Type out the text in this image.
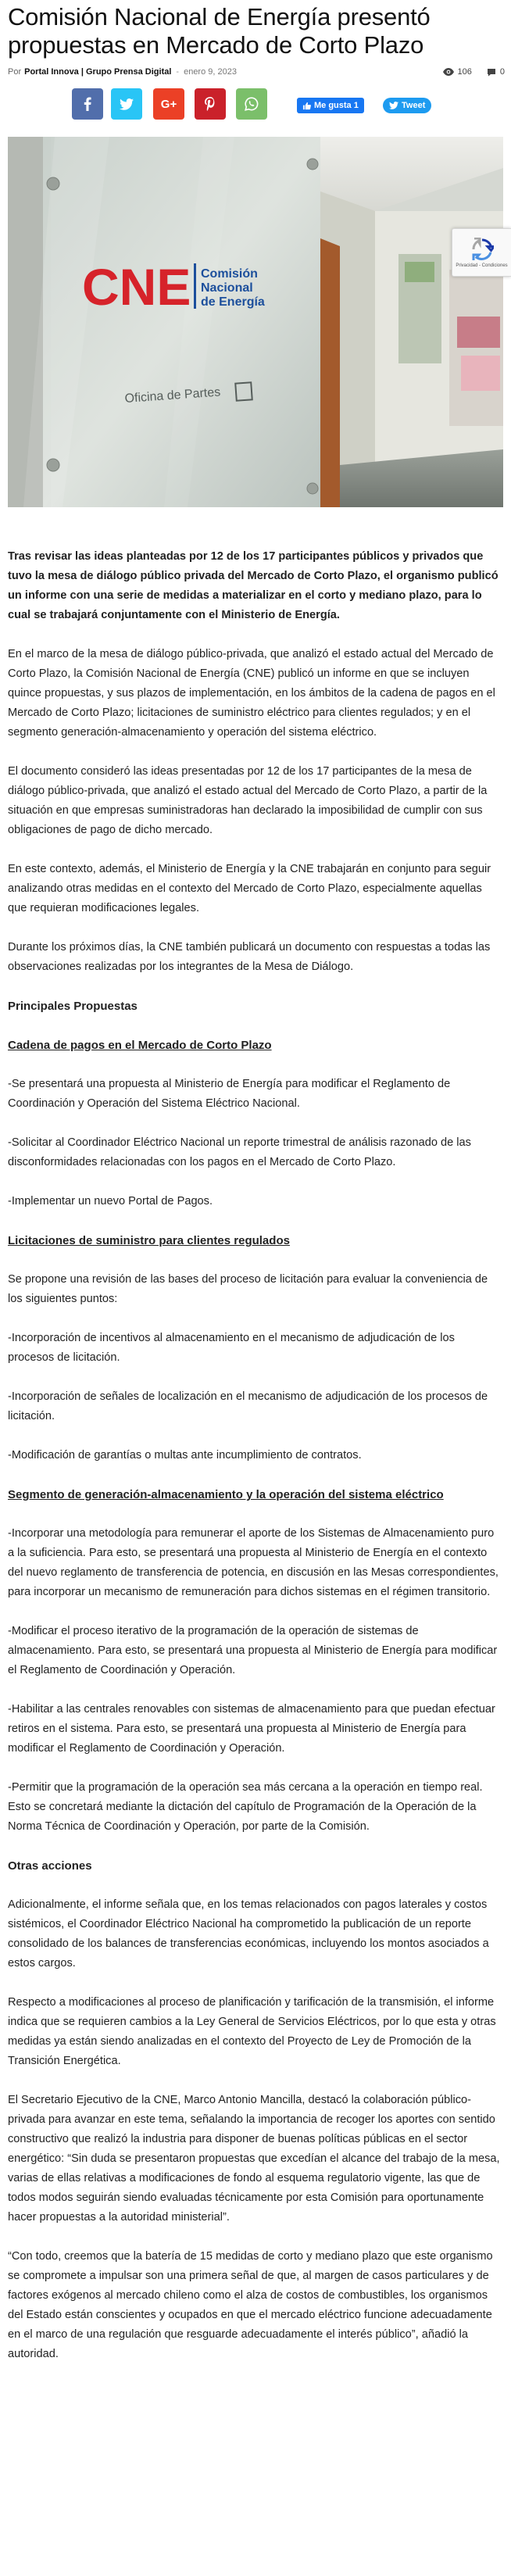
Comisión Nacional de Energía presentó propuestas en Mercado de Corto Plazo
Por Portal Innova | Grupo Prensa Digital - enero 9, 2023	106	0
G+	Me gusta 1	Tweet
CNE Comisión
Nacional
de Energía
Oficina de Partes
Privacidad - Condiciones

Tras revisar las ideas planteadas por 12 de los 17 participantes públicos y privados que tuvo la mesa de diálogo público privada del Mercado de Corto Plazo, el organismo publicó un informe con una serie de medidas a materializar en el corto y mediano plazo, para lo cual se trabajará conjuntamente con el Ministerio de Energía.

En el marco de la mesa de diálogo público-privada, que analizó el estado actual del Mercado de Corto Plazo, la Comisión Nacional de Energía (CNE) publicó un informe en que se incluyen quince propuestas, y sus plazos de implementación, en los ámbitos de la cadena de pagos en el Mercado de Corto Plazo; licitaciones de suministro eléctrico para clientes regulados; y en el segmento generación-almacenamiento y operación del sistema eléctrico.

El documento consideró las ideas presentadas por 12 de los 17 participantes de la mesa de diálogo público-privada, que analizó el estado actual del Mercado de Corto Plazo, a partir de la situación en que empresas suministradoras han declarado la imposibilidad de cumplir con sus obligaciones de pago de dicho mercado.

En este contexto, además, el Ministerio de Energía y la CNE trabajarán en conjunto para seguir analizando otras medidas en el contexto del Mercado de Corto Plazo, especialmente aquellas que requieran modificaciones legales.

Durante los próximos días, la CNE también publicará un documento con respuestas a todas las observaciones realizadas por los integrantes de la Mesa de Diálogo.

Principales Propuestas
Cadena de pagos en el Mercado de Corto Plazo

-Se presentará una propuesta al Ministerio de Energía para modificar el Reglamento de Coordinación y Operación del Sistema Eléctrico Nacional.

-Solicitar al Coordinador Eléctrico Nacional un reporte trimestral de análisis razonado de las disconformidades relacionadas con los pagos en el Mercado de Corto Plazo.

-Implementar un nuevo Portal de Pagos.

Licitaciones de suministro para clientes regulados

Se propone una revisión de las bases del proceso de licitación para evaluar la conveniencia de los siguientes puntos:

-Incorporación de incentivos al almacenamiento en el mecanismo de adjudicación de los procesos de licitación.

-Incorporación de señales de localización en el mecanismo de adjudicación de los procesos de licitación.

-Modificación de garantías o multas ante incumplimiento de contratos.

Segmento de generación-almacenamiento y la operación del sistema eléctrico

-Incorporar una metodología para remunerar el aporte de los Sistemas de Almacenamiento puro a la suficiencia. Para esto, se presentará una propuesta al Ministerio de Energía en el contexto del nuevo reglamento de transferencia de potencia, en discusión en las Mesas correspondientes, para incorporar un mecanismo de remuneración para dichos sistemas en el régimen transitorio.

-Modificar el proceso iterativo de la programación de la operación de sistemas de almacenamiento. Para esto, se presentará una propuesta al Ministerio de Energía para modificar el Reglamento de Coordinación y Operación.

-Habilitar a las centrales renovables con sistemas de almacenamiento para que puedan efectuar retiros en el sistema. Para esto, se presentará una propuesta al Ministerio de Energía para modificar el Reglamento de Coordinación y Operación.

-Permitir que la programación de la operación sea más cercana a la operación en tiempo real. Esto se concretará mediante la dictación del capítulo de Programación de la Operación de la Norma Técnica de Coordinación y Operación, por parte de la Comisión.

Otras acciones

Adicionalmente, el informe señala que, en los temas relacionados con pagos laterales y costos sistémicos, el Coordinador Eléctrico Nacional ha comprometido la publicación de un reporte consolidado de los balances de transferencias económicas, incluyendo los montos asociados a estos cargos.

Respecto a modificaciones al proceso de planificación y tarificación de la transmisión, el informe indica que se requieren cambios a la Ley General de Servicios Eléctricos, por lo que esta y otras medidas ya están siendo analizadas en el contexto del Proyecto de Ley de Promoción de la Transición Energética.

El Secretario Ejecutivo de la CNE, Marco Antonio Mancilla, destacó la colaboración público-privada para avanzar en este tema, señalando la importancia de recoger los aportes con sentido constructivo que realizó la industria para disponer de buenas políticas públicas en el sector energético: “Sin duda se presentaron propuestas que excedían el alcance del trabajo de la mesa, varias de ellas relativas a modificaciones de fondo al esquema regulatorio vigente, las que de todos modos seguirán siendo evaluadas técnicamente por esta Comisión para oportunamente hacer propuestas a la autoridad ministerial”.

“Con todo, creemos que la batería de 15 medidas de corto y mediano plazo que este organismo se compromete a impulsar son una primera señal de que, al margen de casos particulares y de factores exógenos al mercado chileno como el alza de costos de combustibles, los organismos del Estado están conscientes y ocupados en que el mercado eléctrico funcione adecuadamente en el marco de una regulación que resguarde adecuadamente el interés público”, añadió la autoridad.
